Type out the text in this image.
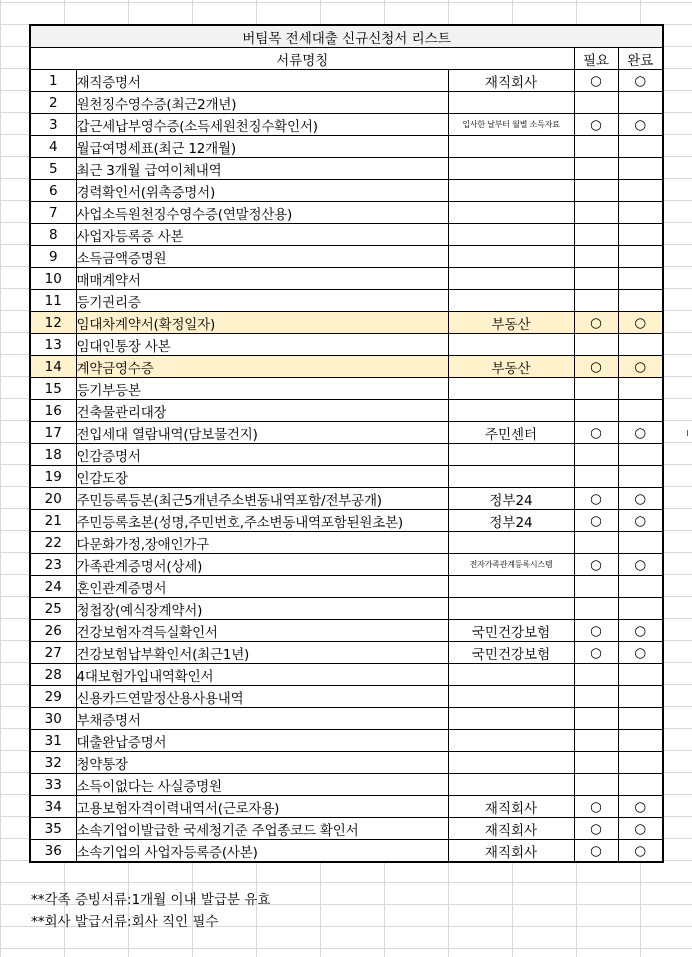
버팀목 전세대출 신규신청서 리스트				
서류명칭			필요	완료
1	재직증명서	재직회사	○	○
2	원천징수영수증(최근2개년)			
3	갑근세납부영수증(소득세원천징수확인서)	입사한 날부터 월별 소득자료	○	○
4	월급여명세표(최근 12개월)			
5	최근 3개월 급여이체내역			
6	경력확인서(위촉증명서)			
7	사업소득원천징수영수증(연말정산용)			
8	사업자등록증 사본			
9	소득금액증명원			
10	매매계약서			
11	등기권리증			
12	임대차계약서(확정일자)	부동산	○	○
13	임대인통장 사본			
14	계약금영수증	부동산	○	○
15	등기부등본			
16	건축물관리대장			
17	전입세대 열람내역(담보물건지)	주민센터	○	○
18	인감증명서			
19	인감도장			
20	주민등록등본(최근5개년주소변동내역포함/전부공개)	정부24	○	○
21	주민등록초본(성명,주민번호,주소변동내역포함된원초본)	정부24	○	○
22	다문화가정,장애인가구			
23	가족관계증명서(상세)	전자가족관계등록시스템	○	○
24	혼인관계증명서			
25	청첩장(예식장계약서)			
26	건강보험자격득실확인서	국민건강보험	○	○
27	건강보험납부확인서(최근1년)	국민건강보험	○	○
28	4대보험가입내역확인서			
29	신용카드연말정산용사용내역			
30	부채증명서			
31	대출완납증명서			
32	청약통장			
33	소득이없다는 사실증명원			
34	고용보험자격이력내역서(근로자용)	재직회사	○	○
35	소속기업이발급한 국세청기준 주업종코드 확인서	재직회사	○	○
36	소속기업의 사업자등록증(사본)	재직회사	○	○
**각족 증빙서류:1개월 이내 발급분 유효
**회사 발급서류:회사 직인 필수
ı
